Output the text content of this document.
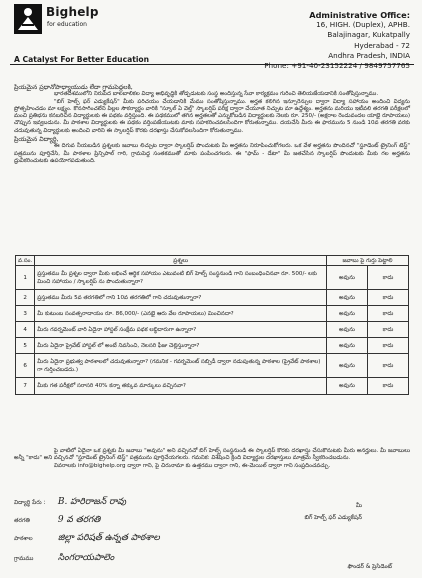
Bighelp
for education
A Catalyst For Better Education
Administrative Office:
16, HIGH. (Duplex), APHB.
Balajinagar, Kukatpally
Hyderabad - 72
Andhra Pradesh, INDIA
Phone: +91-40-23152224 / 9849757765
ప్రియమైన ప్రధానోపాధ్యాయుడు లేదా గ్రామపెద్దలకి,
భారతదేశములోని నిరుపేద బాలబాలికల విద్యా అభివృద్ధికి తోడ్పడుటకు సంస్థ అందిస్తున్న సేవా కార్యక్రమం గురించి తెలియజేయడానికి సంతోషిస్తున్నాము.
"బిగ్ హెల్ప్ ఫర్ ఎడ్యుకేషన్" మీకు పరిచయం చేయడానికి మేము సంతోషిస్తున్నాము. అర్హత కలిగిన ఇన్సూరెన్సుల ద్వారా విద్యా సహాయం అందించి విద్యను ప్రోత్సహించడం మా లక్ష్యం. కొనసాగించలేని పిల్లల సౌకర్యార్థం వారికి "స్కూల్ ఏ వెల్త్" స్కాలర్షిప్ పరీక్ష ద్వారా చేయూత నిచ్చుట మా ఉద్దేశ్యం. అర్హతను మరియు ఇటీవలి తరగతి పరీక్షలలో మంచి ప్రతిభను కనబరిచిన విద్యార్థులకు ఈ పథకం వర్తిస్తుంది. ఈ పథకములో తగిన అర్హతలతో ఎన్నుకోబడిన విద్యార్థులకు నెలకు రూ. 250/- (అక్షరాల రెండువందల యాభై రూపాయలు) చొప్పున ఇవ్వబడును. మీ పాఠశాల విద్యార్థులకు ఈ పథకం వర్తింపజేయుటకు మాకు సహకరించవలసిందిగా కోరుతున్నాము. దయచేసి మీరు ఈ ఫారమును 5 నుండి 10వ తరగతి వరకు చదువుతున్న విద్యార్థులకు అందించి వారిని ఈ స్కాలర్షిప్ కొరకు దరఖాస్తు చేసుకోవలసిందిగా కోరుతున్నాము.
ప్రియమైన విద్యార్థి,
ఈ దిగువ నీయబడిన ప్రశ్నలకు జవాబు లిచ్చుట ద్వారా స్కాలర్షిప్ పొందుటకు మీ అర్హతను నిరూపించుకోగలరు. ఒక వేళ అర్హతను పొందినచో "స్టూడెంట్ ట్రైనింగ్ టెస్ట్" పత్రమును పూర్తిచేసి, మీ పాఠశాల ప్రిన్సిపాల్ గారి, గ్రామపెద్ద సంతకముతో మాకు పంపించగలరు. ఈ "ఫామ్ - డేటా" మీ జతచేసిన స్కాలర్షిప్ పొందుటకు మీకు గల అర్హతను ధ్రువీకరించుటకు ఉపయోగపడుతుంది.
వ.సం.	ప్రశ్నలు	జవాబు పై గుర్తు పెట్టాలి	
1	ప్రస్తుతము మీ ప్రశ్నల ద్వారా మీకు లభించే ఆర్థిక సహాయం ఎటువంటి బిగ్ హెల్ప్ సంస్థనుండి గాని సంబంధించినవా రూ. 500/- లకు మించి సహాయం / స్కాలర్షిప్ ను పొందుతున్నారా?	అవును	కాదు
2	ప్రస్తుతము మీరు 5వ తరగతిలో గాని 10వ తరగతిలో గాని చదువుతున్నారా?	అవును	కాదు
3	మీ కుటుంబ సంవత్సరాదాయం రూ. 86,000/- (ఎనభై ఆరు వేల రూపాయలు) మించినదా?	అవును	కాదు
4	మీరు గవర్నమెంట్ వారి ఏదైనా హాస్టల్ సంక్షేమ పథక లబ్ధిదారుగా ఉన్నారా?	అవును	కాదు
5	మీరు ఏదైనా ప్రైవేట్ హాస్టల్ లో అంటే నివసించి, నెలసరి ఫీజు చెల్లిస్తున్నారా?	అవును	కాదు
6	మీరు ఏదైనా ప్రభుత్వ పాఠశాలలో చదువుతున్నారా? (గమనిక - గవర్నమెంట్ సబ్సిడీ ద్వారా నడుపుతున్న పాఠశాల (ప్రైవేట్ పాఠశాల) గా గుర్తించబడదు.)	అవును	కాదు
7	మీకు గత పరీక్షలో సరాసరి 40% కన్నా తక్కువ మార్కులు వచ్చినవా?	అవును	కాదు
పై వాటిలో ఏదైనా ఒక ప్రశ్నకు మీ జవాబు "అవును" అని వచ్చినచో బిగ్ హెల్ప్ సంస్థనుండి ఈ స్కాలర్షిప్ కొరకు దరఖాస్తు చేసుకొనుటకు మీరు అనర్హులు. మీ జవాబులు అన్నీ "కాదు" అని వచ్చినచో "స్టూడెంట్ ట్రైనింగ్ టెస్ట్" పత్రమును పూర్తిచేయగలరు. గమనిక: విశేషించి క్రింది విద్యార్థుల దరఖాస్తులు మాత్రమే స్వీకరించబడును.
వివరాలకు info@bighelp.org ద్వారా గాని, పై చిరునామా కు ఉత్తరము ద్వారా గాని, ఈ-మెయిల్ ద్వారా గాని సంప్రదించవచ్చు.
విద్యార్థి పేరు : B. హరిరాజన్ రావు	మీ
తరగతి	9 వ తరగతి	బిగ్ హెల్ప్ ఫర్ ఎడ్యుకేషన్
పాఠశాల	జిల్లా పరిషత్ ఉన్నత పాఠశాల
గ్రామము	సింగరాయపాలెం
ఫౌండర్ & ప్రెసిడెంట్
